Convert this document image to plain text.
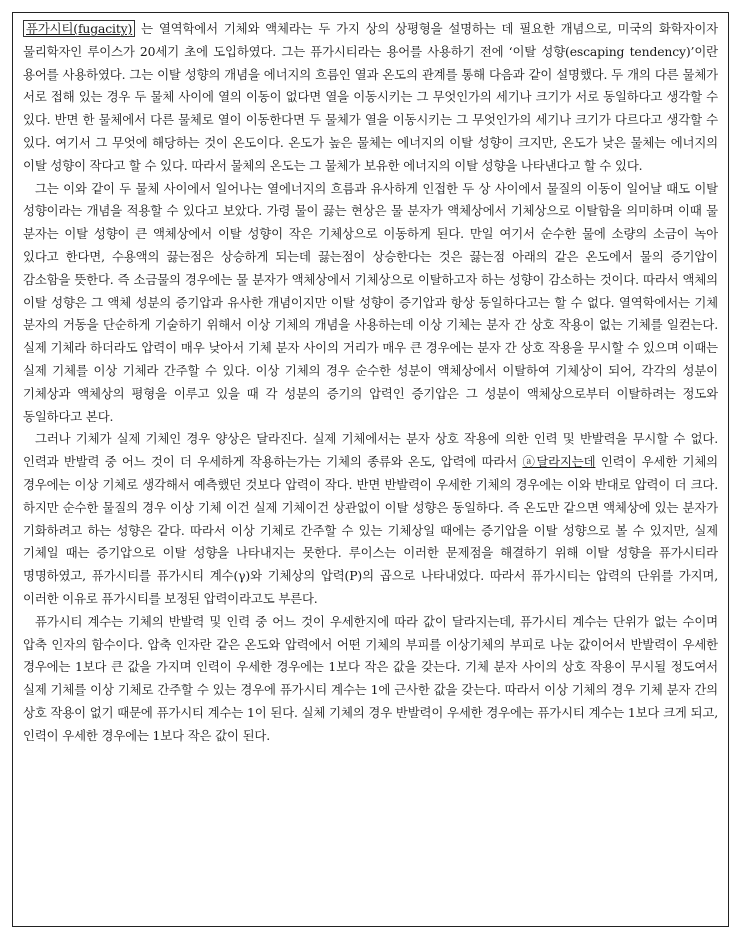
퓨가시티(fugacity) 는 열역학에서 기체와 액체라는 두 가지 상의 상평형을 설명하는 데 필요한 개념으로, 미국의 화학자이자 물리학자인 루이스가 20세기 초에 도입하였다. 그는 퓨가시티라는 용어를 사용하기 전에 ‘이탈 성향(escaping tendency)’이란 용어를 사용하였다. 그는 이탈 성향의 개념을 에너지의 흐름인 열과 온도의 관계를 통해 다음과 같이 설명했다. 두 개의 다른 물체가 서로 접해 있는 경우 두 물체 사이에 열의 이동이 없다면 열을 이동시키는 그 무엇인가의 세기나 크기가 서로 동일하다고 생각할 수 있다. 반면 한 물체에서 다른 물체로 열이 이동한다면 두 물체가 열을 이동시키는 그 무엇인가의 세기나 크기가 다르다고 생각할 수 있다. 여기서 그 무엇에 해당하는 것이 온도이다. 온도가 높은 물체는 에너지의 이탈 성향이 크지만, 온도가 낮은 물체는 에너지의 이탈 성향이 작다고 할 수 있다. 따라서 물체의 온도는 그 물체가 보유한 에너지의 이탈 성향을 나타낸다고 할 수 있다.

그는 이와 같이 두 물체 사이에서 일어나는 열에너지의 흐름과 유사하게 인접한 두 상 사이에서 물질의 이동이 일어날 때도 이탈 성향이라는 개념을 적용할 수 있다고 보았다. 가령 물이 끓는 현상은 물 분자가 액체상에서 기체상으로 이탈함을 의미하며 이때 물 분자는 이탈 성향이 큰 액체상에서 이탈 성향이 작은 기체상으로 이동하게 된다. 만일 여기서 순수한 물에 소량의 소금이 녹아 있다고 한다면, 수용액의 끓는점은 상승하게 되는데 끓는점이 상승한다는 것은 끓는점 아래의 같은 온도에서 물의 증기압이 감소함을 뜻한다. 즉 소금물의 경우에는 물 분자가 액체상에서 기체상으로 이탈하고자 하는 성향이 감소하는 것이다. 따라서 액체의 이탈 성향은 그 액체 성분의 증기압과 유사한 개념이지만 이탈 성향이 증기압과 항상 동일하다고는 할 수 없다. 열역학에서는 기체 분자의 거동을 단순하게 기술하기 위해서 이상 기체의 개념을 사용하는데 이상 기체는 분자 간 상호 작용이 없는 기체를 일컫는다. 실제 기체라 하더라도 압력이 매우 낮아서 기체 분자 사이의 거리가 매우 큰 경우에는 분자 간 상호 작용을 무시할 수 있으며 이때는 실제 기체를 이상 기체라 간주할 수 있다. 이상 기체의 경우 순수한 성분이 액체상에서 이탈하여 기체상이 되어, 각각의 성분이 기체상과 액체상의 평형을 이루고 있을 때 각 성분의 증기의 압력인 증기압은 그 성분이 액체상으로부터 이탈하려는 정도와 동일하다고 본다.

그러나 기체가 실제 기체인 경우 양상은 달라진다. 실제 기체에서는 분자 상호 작용에 의한 인력 및 반발력을 무시할 수 없다. 인력과 반발력 중 어느 것이 더 우세하게 작용하는가는 기체의 종류와 온도, 압력에 따라서 ⓐ달라지는데 인력이 우세한 기체의 경우에는 이상 기체로 생각해서 예측했던 것보다 압력이 작다. 반면 반발력이 우세한 기체의 경우에는 이와 반대로 압력이 더 크다. 하지만 순수한 물질의 경우 이상 기체 이건 실제 기체이건 상관없이 이탈 성향은 동일하다. 즉 온도만 같으면 액체상에 있는 분자가 기화하려고 하는 성향은 같다. 따라서 이상 기체로 간주할 수 있는 기체상일 때에는 증기압을 이탈 성향으로 볼 수 있지만, 실제 기체일 때는 증기압으로 이탈 성향을 나타내지는 못한다. 루이스는 이러한 문제점을 해결하기 위해 이탈 성향을 퓨가시티라 명명하였고, 퓨가시티를 퓨가시티 계수(γ)와 기체상의 압력(P)의 곱으로 나타내었다. 따라서 퓨가시티는 압력의 단위를 가지며, 이러한 이유로 퓨가시티를 보정된 압력이라고도 부른다.

퓨가시티 계수는 기체의 반발력 및 인력 중 어느 것이 우세한지에 따라 값이 달라지는데, 퓨가시티 계수는 단위가 없는 수이며 압축 인자의 함수이다. 압축 인자란 같은 온도와 압력에서 어떤 기체의 부피를 이상기체의 부피로 나눈 값이어서 반발력이 우세한 경우에는 1보다 큰 값을 가지며 인력이 우세한 경우에는 1보다 작은 값을 갖는다. 기체 분자 사이의 상호 작용이 무시될 정도여서 실제 기체를 이상 기체로 간주할 수 있는 경우에 퓨가시티 계수는 1에 근사한 값을 갖는다. 따라서 이상 기체의 경우 기체 분자 간의 상호 작용이 없기 때문에 퓨가시티 계수는 1이 된다. 실체 기체의 경우 반발력이 우세한 경우에는 퓨가시티 계수는 1보다 크게 되고, 인력이 우세한 경우에는 1보다 작은 값이 된다.
